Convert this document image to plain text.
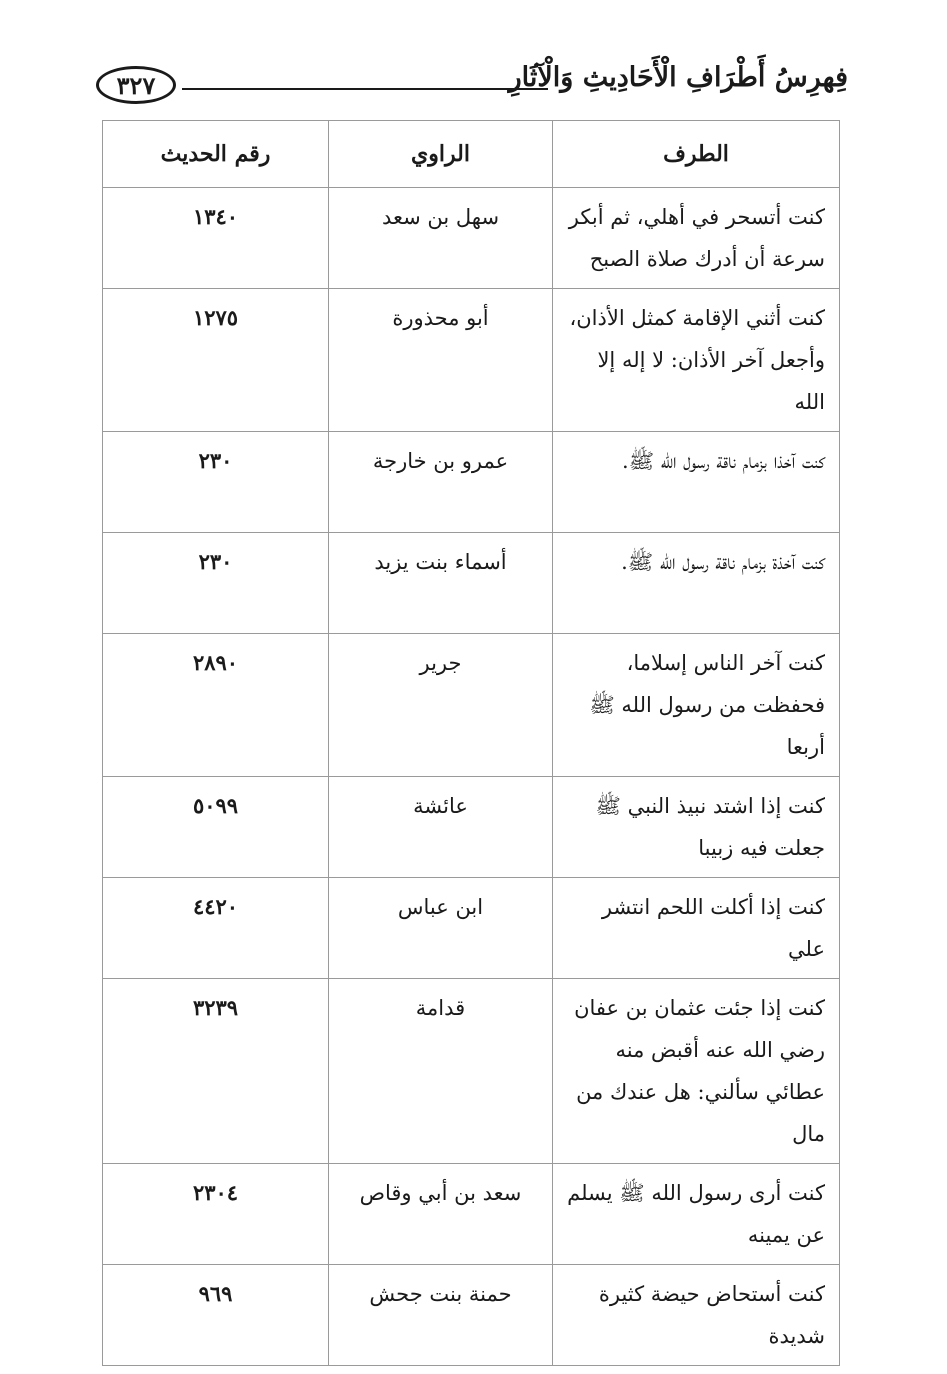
٣٢٧	فِهرِسُ أَطْرَافِ الْأَحَادِيثِ وَالْآثَارِ
الطرف	الراوي	رقم الحديث
كنت أتسحر في أهلي، ثم أبكر سرعة أن أدرك صلاة الصبح	سهل بن سعد	١٣٤٠
كنت أثني الإقامة كمثل الأذان، وأجعل آخر الأذان: لا إله إلا الله	أبو محذورة	١٢٧٥
كنت آخذا بزمام ناقة رسول الله ﷺ.	عمرو بن خارجة	٢٣٠
كنت آخذة بزمام ناقة رسول الله ﷺ.	أسماء بنت يزيد	٢٣٠
كنت آخر الناس إسلاما، فحفظت من رسول الله ﷺ أربعا	جرير	٢٨٩٠
كنت إذا اشتد نبيذ النبي ﷺ جعلت فيه زبيبا	عائشة	٥٠٩٩
كنت إذا أكلت اللحم انتشر علي	ابن عباس	٤٤٢٠
كنت إذا جئت عثمان بن عفان رضي الله عنه أقبض منه عطائي سألني: هل عندك من مال	قدامة	٣٢٣٩
كنت أرى رسول الله ﷺ يسلم عن يمينه	سعد بن أبي وقاص	٢٣٠٤
كنت أستحاض حيضة كثيرة شديدة	حمنة بنت جحش	٩٦٩
